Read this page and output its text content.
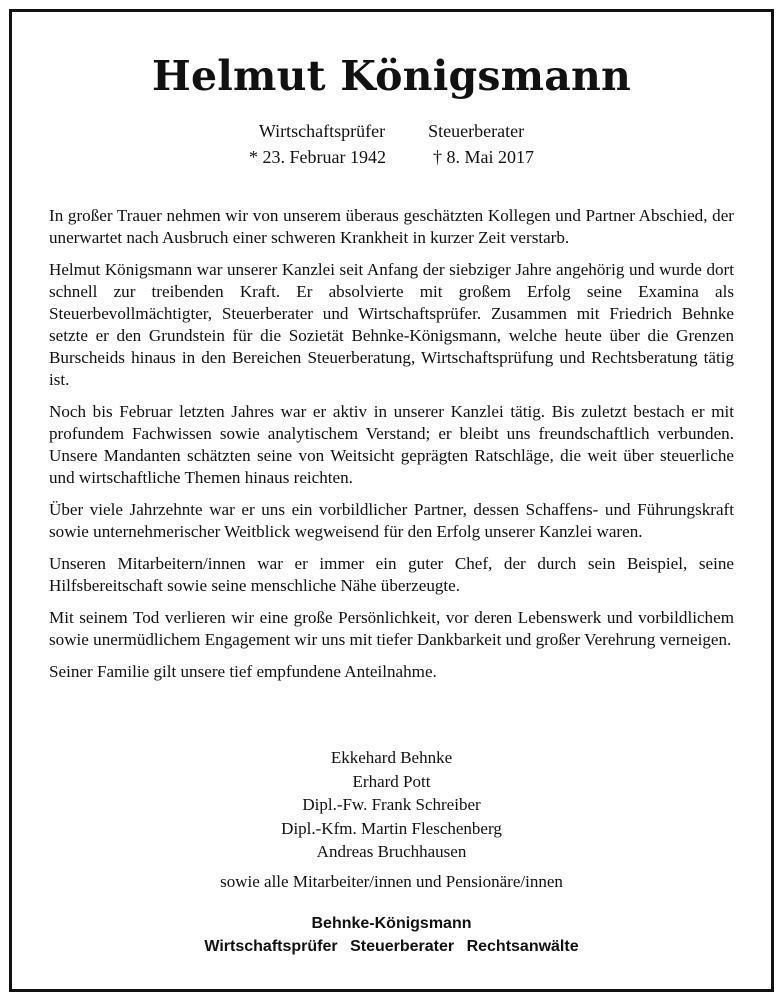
Helmut Königsmann
Wirtschaftsprüfer Steuerberater
* 23. Februar 1942	† 8. Mai 2017

In großer Trauer nehmen wir von unserem überaus geschätzten Kollegen und Partner Abschied, der unerwartet nach Ausbruch einer schweren Krankheit in kurzer Zeit verstarb.

Helmut Königsmann war unserer Kanzlei seit Anfang der siebziger Jahre angehörig und wurde dort schnell zur treibenden Kraft. Er absolvierte mit großem Erfolg seine Examina als Steuerbevollmächtigter, Steuerberater und Wirtschaftsprüfer. Zusammen mit Friedrich Behnke setzte er den Grundstein für die Sozietät Behnke-Königsmann, welche heute über die Grenzen Burscheids hinaus in den Bereichen Steuerberatung, Wirtschaftsprüfung und Rechtsberatung tätig ist.

Noch bis Februar letzten Jahres war er aktiv in unserer Kanzlei tätig. Bis zuletzt bestach er mit profundem Fachwissen sowie analytischem Verstand; er bleibt uns freundschaftlich verbunden. Unsere Mandanten schätzten seine von Weitsicht geprägten Ratschläge, die weit über steuerliche und wirtschaftliche Themen hinaus reichten.

Über viele Jahrzehnte war er uns ein vorbildlicher Partner, dessen Schaffens- und Führungskraft sowie unternehmerischer Weitblick wegweisend für den Erfolg unserer Kanzlei waren.

Unseren Mitarbeitern/innen war er immer ein guter Chef, der durch sein Beispiel, seine Hilfsbereitschaft sowie seine menschliche Nähe überzeugte.

Mit seinem Tod verlieren wir eine große Persönlichkeit, vor deren Lebenswerk und vorbildlichem sowie unermüdlichem Engagement wir uns mit tiefer Dankbarkeit und großer Verehrung verneigen.

Seiner Familie gilt unsere tief empfundene Anteilnahme.

Ekkehard Behnke
Erhard Pott
Dipl.-Fw. Frank Schreiber
Dipl.-Kfm. Martin Fleschenberg
Andreas Bruchhausen
sowie alle Mitarbeiter/innen und Pensionäre/innen
Behnke-Königsmann
Wirtschaftsprüfer Steuerberater Rechtsanwälte
